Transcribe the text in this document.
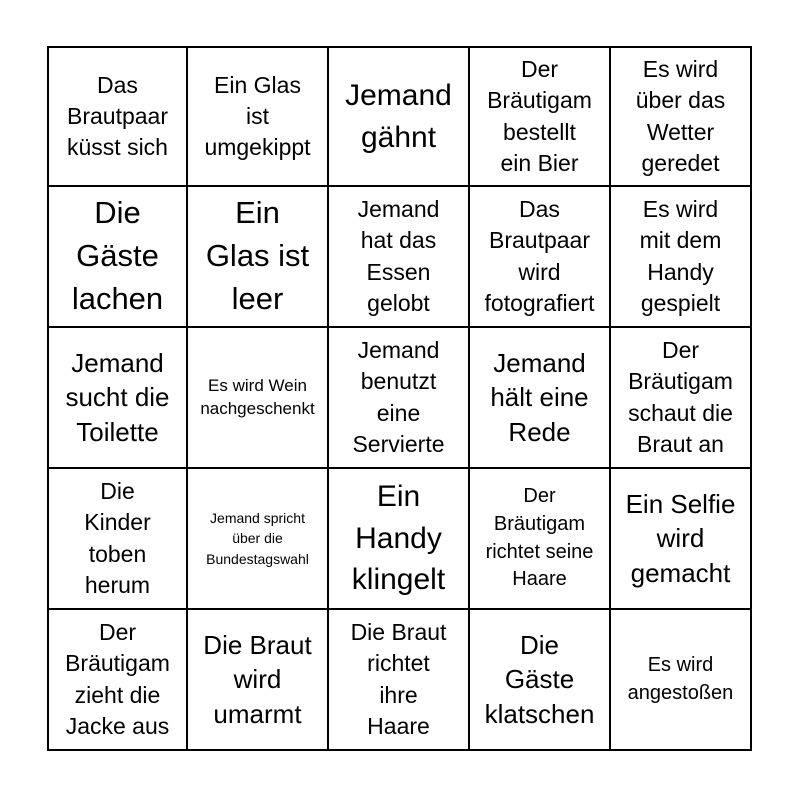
Das
Brautpaar
küsst sich
Ein Glas
ist
umgekippt
Jemand
gähnt
Der
Bräutigam
bestellt
ein Bier
Es wird
über das
Wetter
geredet
Die
Gäste
lachen
Ein
Glas ist
leer
Jemand
hat das
Essen
gelobt
Das
Brautpaar
wird
fotografiert
Es wird
mit dem
Handy
gespielt
Jemand
sucht die
Toilette
Es wird Wein
nachgeschenkt
Jemand
benutzt
eine
Servierte
Jemand
hält eine
Rede
Der
Bräutigam
schaut die
Braut an
Die
Kinder
toben
herum
Jemand spricht
über die
Bundestagswahl
Ein
Handy
klingelt
Der
Bräutigam
richtet seine
Haare
Ein Selfie
wird
gemacht
Der
Bräutigam
zieht die
Jacke aus
Die Braut
wird
umarmt
Die Braut
richtet
ihre
Haare
Die
Gäste
klatschen
Es wird
angestoßen
